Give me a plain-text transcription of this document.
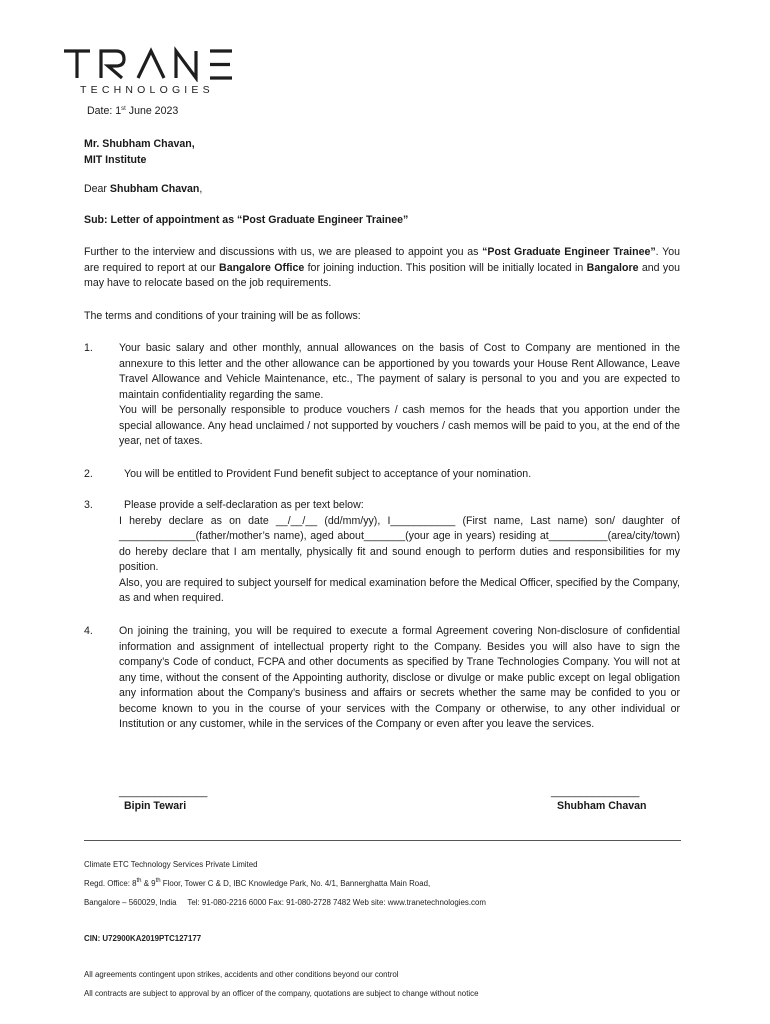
TECHNOLOGIES
Date: 1st June 2023
Mr. Shubham Chavan,
MIT Institute
Dear Shubham Chavan,
Sub: Letter of appointment as “Post Graduate Engineer Trainee”
Further to the interview and discussions with us, we are pleased to appoint you as “Post Graduate Engineer Trainee”. You are required to report at our Bangalore Office for joining induction. This position will be initially located in Bangalore and you may have to relocate based on the job requirements.
The terms and conditions of your training will be as follows:
1. Your basic salary and other monthly, annual allowances on the basis of Cost to Company are mentioned in the annexure to this letter and the other allowance can be apportioned by you towards your House Rent Allowance, Leave Travel Allowance and Vehicle Maintenance, etc., The payment of salary is personal to you and you are expected to maintain confidentiality regarding the same.

You will be personally responsible to produce vouchers / cash memos for the heads that you apportion under the special allowance. Any head unclaimed / not supported by vouchers / cash memos will be paid to you, at the end of the year, net of taxes.

2.	You will be entitled to Provident Fund benefit subject to acceptance of your nomination.

3.	Please provide a self-declaration as per text below:

I hereby declare as on date __/__/__ (dd/mm/yy), I___________ (First name, Last name) son/ daughter of _____________(father/mother’s name), aged about_______(your age in years) residing at__________(area/city/town) do hereby declare that I am mentally, physically fit and sound enough to perform duties and responsibilities for my position.

Also, you are required to subject yourself for medical examination before the Medical Officer, specified by the Company, as and when required.

4. On joining the training, you will be required to execute a formal Agreement covering Non-disclosure of confidential information and assignment of intellectual property right to the Company. Besides you will also have to sign the company’s Code of conduct, FCPA and other documents as specified by Trane Technologies Company. You will not at any time, without the consent of the Appointing authority, disclose or divulge or make public except on legal obligation any information about the Company’s business and affairs or secrets whether the same may be confided to you or become known to you in the course of your services with the Company or otherwise, to any other individual or Institution or any customer, while in the services of the Company or even after you leave the services.

_______________
Bipin Tewari
_______________
Shubham Chavan
Climate ETC Technology Services Private Limited
Regd. Office: 8th & 9th Floor, Tower C & D, IBC Knowledge Park, No. 4/1, Bannerghatta Main Road,
Bangalore – 560029, India     Tel: 91-080-2216 6000 Fax: 91-080-2728 7482 Web site: www.tranetechnologies.com
CIN: U72900KA2019PTC127177
All agreements contingent upon strikes, accidents and other conditions beyond our control
All contracts are subject to approval by an officer of the company, quotations are subject to change without notice
